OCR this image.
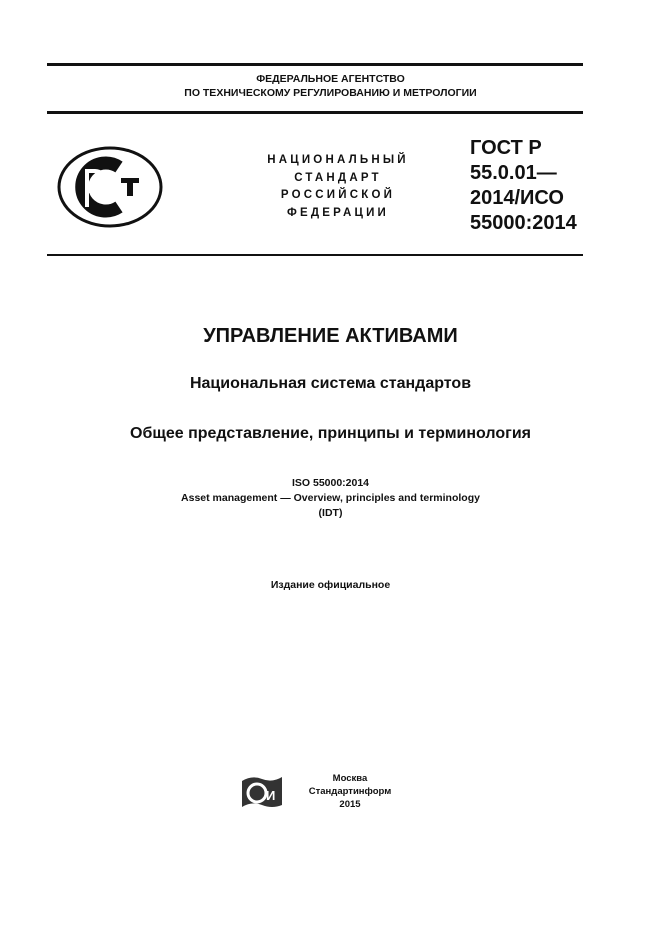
ФЕДЕРАЛЬНОЕ АГЕНТСТВО
ПО ТЕХНИЧЕСКОМУ РЕГУЛИРОВАНИЮ И МЕТРОЛОГИИ
НАЦИОНАЛЬНЫЙ
СТАНДАРТ
РОССИЙСКОЙ
ФЕДЕРАЦИИ
ГОСТ Р
55.0.01—
2014/ИСО
55000:2014
УПРАВЛЕНИЕ АКТИВАМИ
Национальная система стандартов
Общее представление, принципы и терминология
ISO 55000:2014
Asset management — Overview, principles and terminology
(IDT)
Издание официальное
И
Москва
Стандартинформ
2015
